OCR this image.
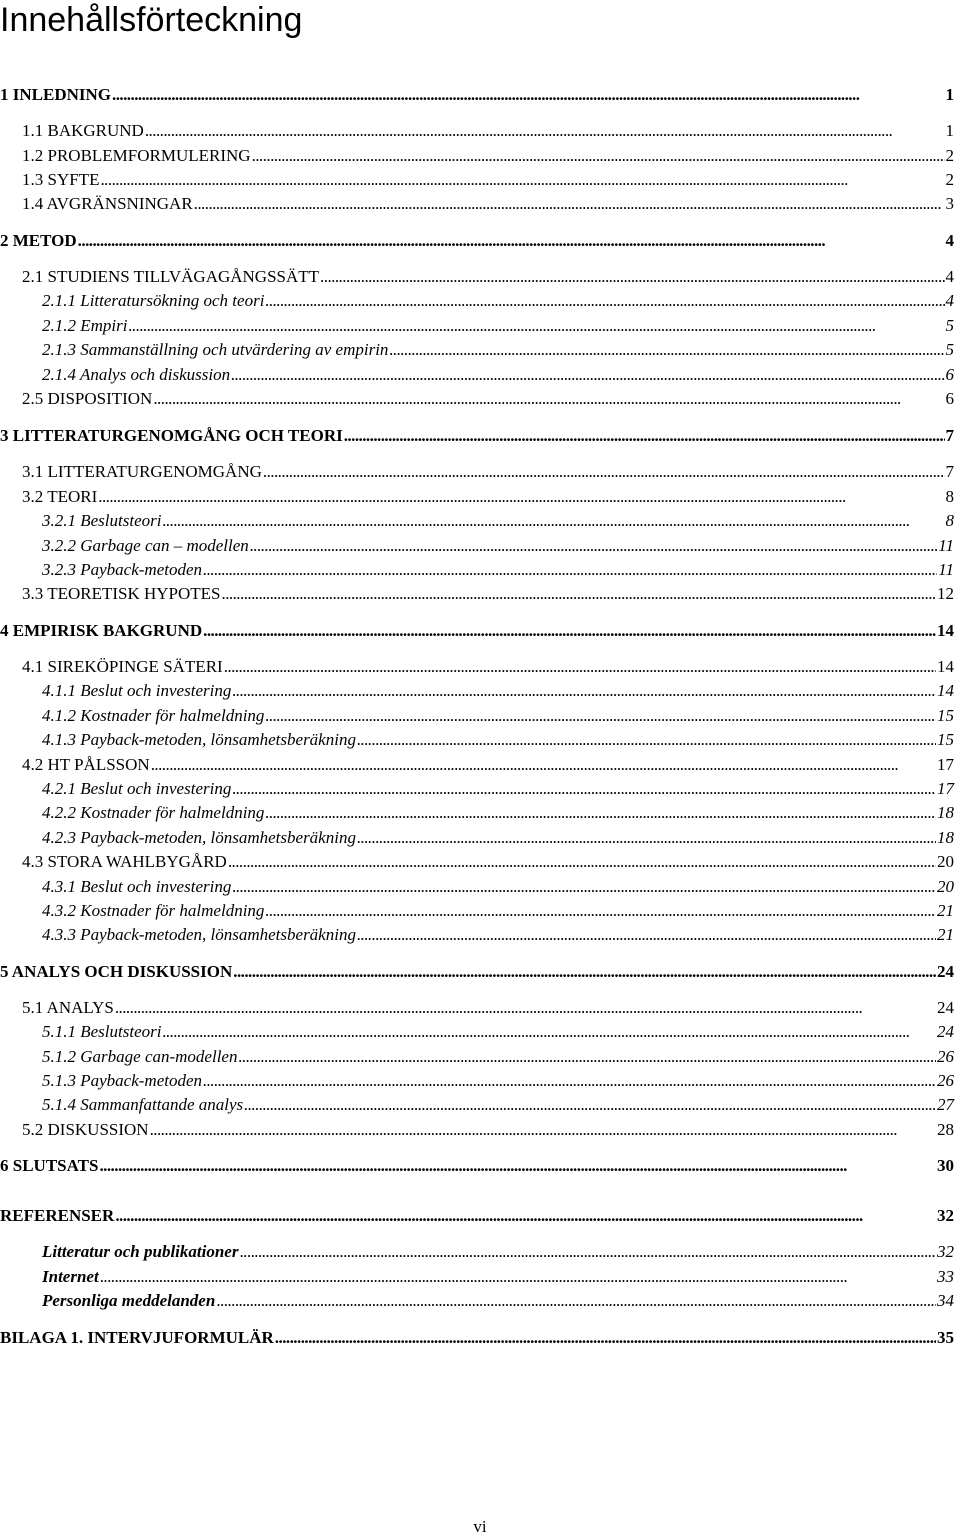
Innehållsförteckning
1 INLEDNING . . .	1
1.1 BAKGRUND . . .	1
1.2 PROBLEMFORMULERING . . .	2
1.3 SYFTE . . .	2
1.4 AVGRÄNSNINGAR . . .	3
2 METOD . . .	4
2.1 STUDIENS TILLVÄGAGÅNGSSÄTT . . .	4
2.1.1 Litteratursökning och teori . . .	4
2.1.2 Empiri . . .	5
2.1.3 Sammanställning och utvärdering av empirin . . .	5
2.1.4 Analys och diskussion . . .	6
2.5 DISPOSITION . . .	6
3 LITTERATURGENOMGÅNG OCH TEORI . . .	7
3.1 LITTERATURGENOMGÅNG . . .	7
3.2 TEORI . . .	8
3.2.1 Beslutsteori . . .	8
3.2.2 Garbage can – modellen . . .	11
3.2.3 Payback-metoden . . .	11
3.3 TEORETISK HYPOTES . . .	12
4 EMPIRISK BAKGRUND . . .	14
4.1 SIREKÖPINGE SÄTERI . . .	14
4.1.1 Beslut och investering . . .	14
4.1.2 Kostnader för halmeldning . . .	15
4.1.3 Payback-metoden, lönsamhetsberäkning . . .	15
4.2 HT PÅLSSON . . .	17
4.2.1 Beslut och investering . . .	17
4.2.2 Kostnader för halmeldning . . .	18
4.2.3 Payback-metoden, lönsamhetsberäkning . . .	18
4.3 STORA WAHLBYGÅRD . . .	20
4.3.1 Beslut och investering . . .	20
4.3.2 Kostnader för halmeldning . . .	21
4.3.3 Payback-metoden, lönsamhetsberäkning . . .	21
5 ANALYS OCH DISKUSSION . . .	24
5.1 ANALYS . . .	24
5.1.1 Beslutsteori . . .	24
5.1.2 Garbage can-modellen . . .	26
5.1.3 Payback-metoden . . .	26
5.1.4 Sammanfattande analys . . .	27
5.2 DISKUSSION . . .	28
6 SLUTSATS . . .	30
REFERENSER . . .	32
Litteratur och publikationer . . .	32
Internet . . .	33
Personliga meddelanden . . .	34
BILAGA 1. INTERVJUFORMULÄR . . .	35
vi
